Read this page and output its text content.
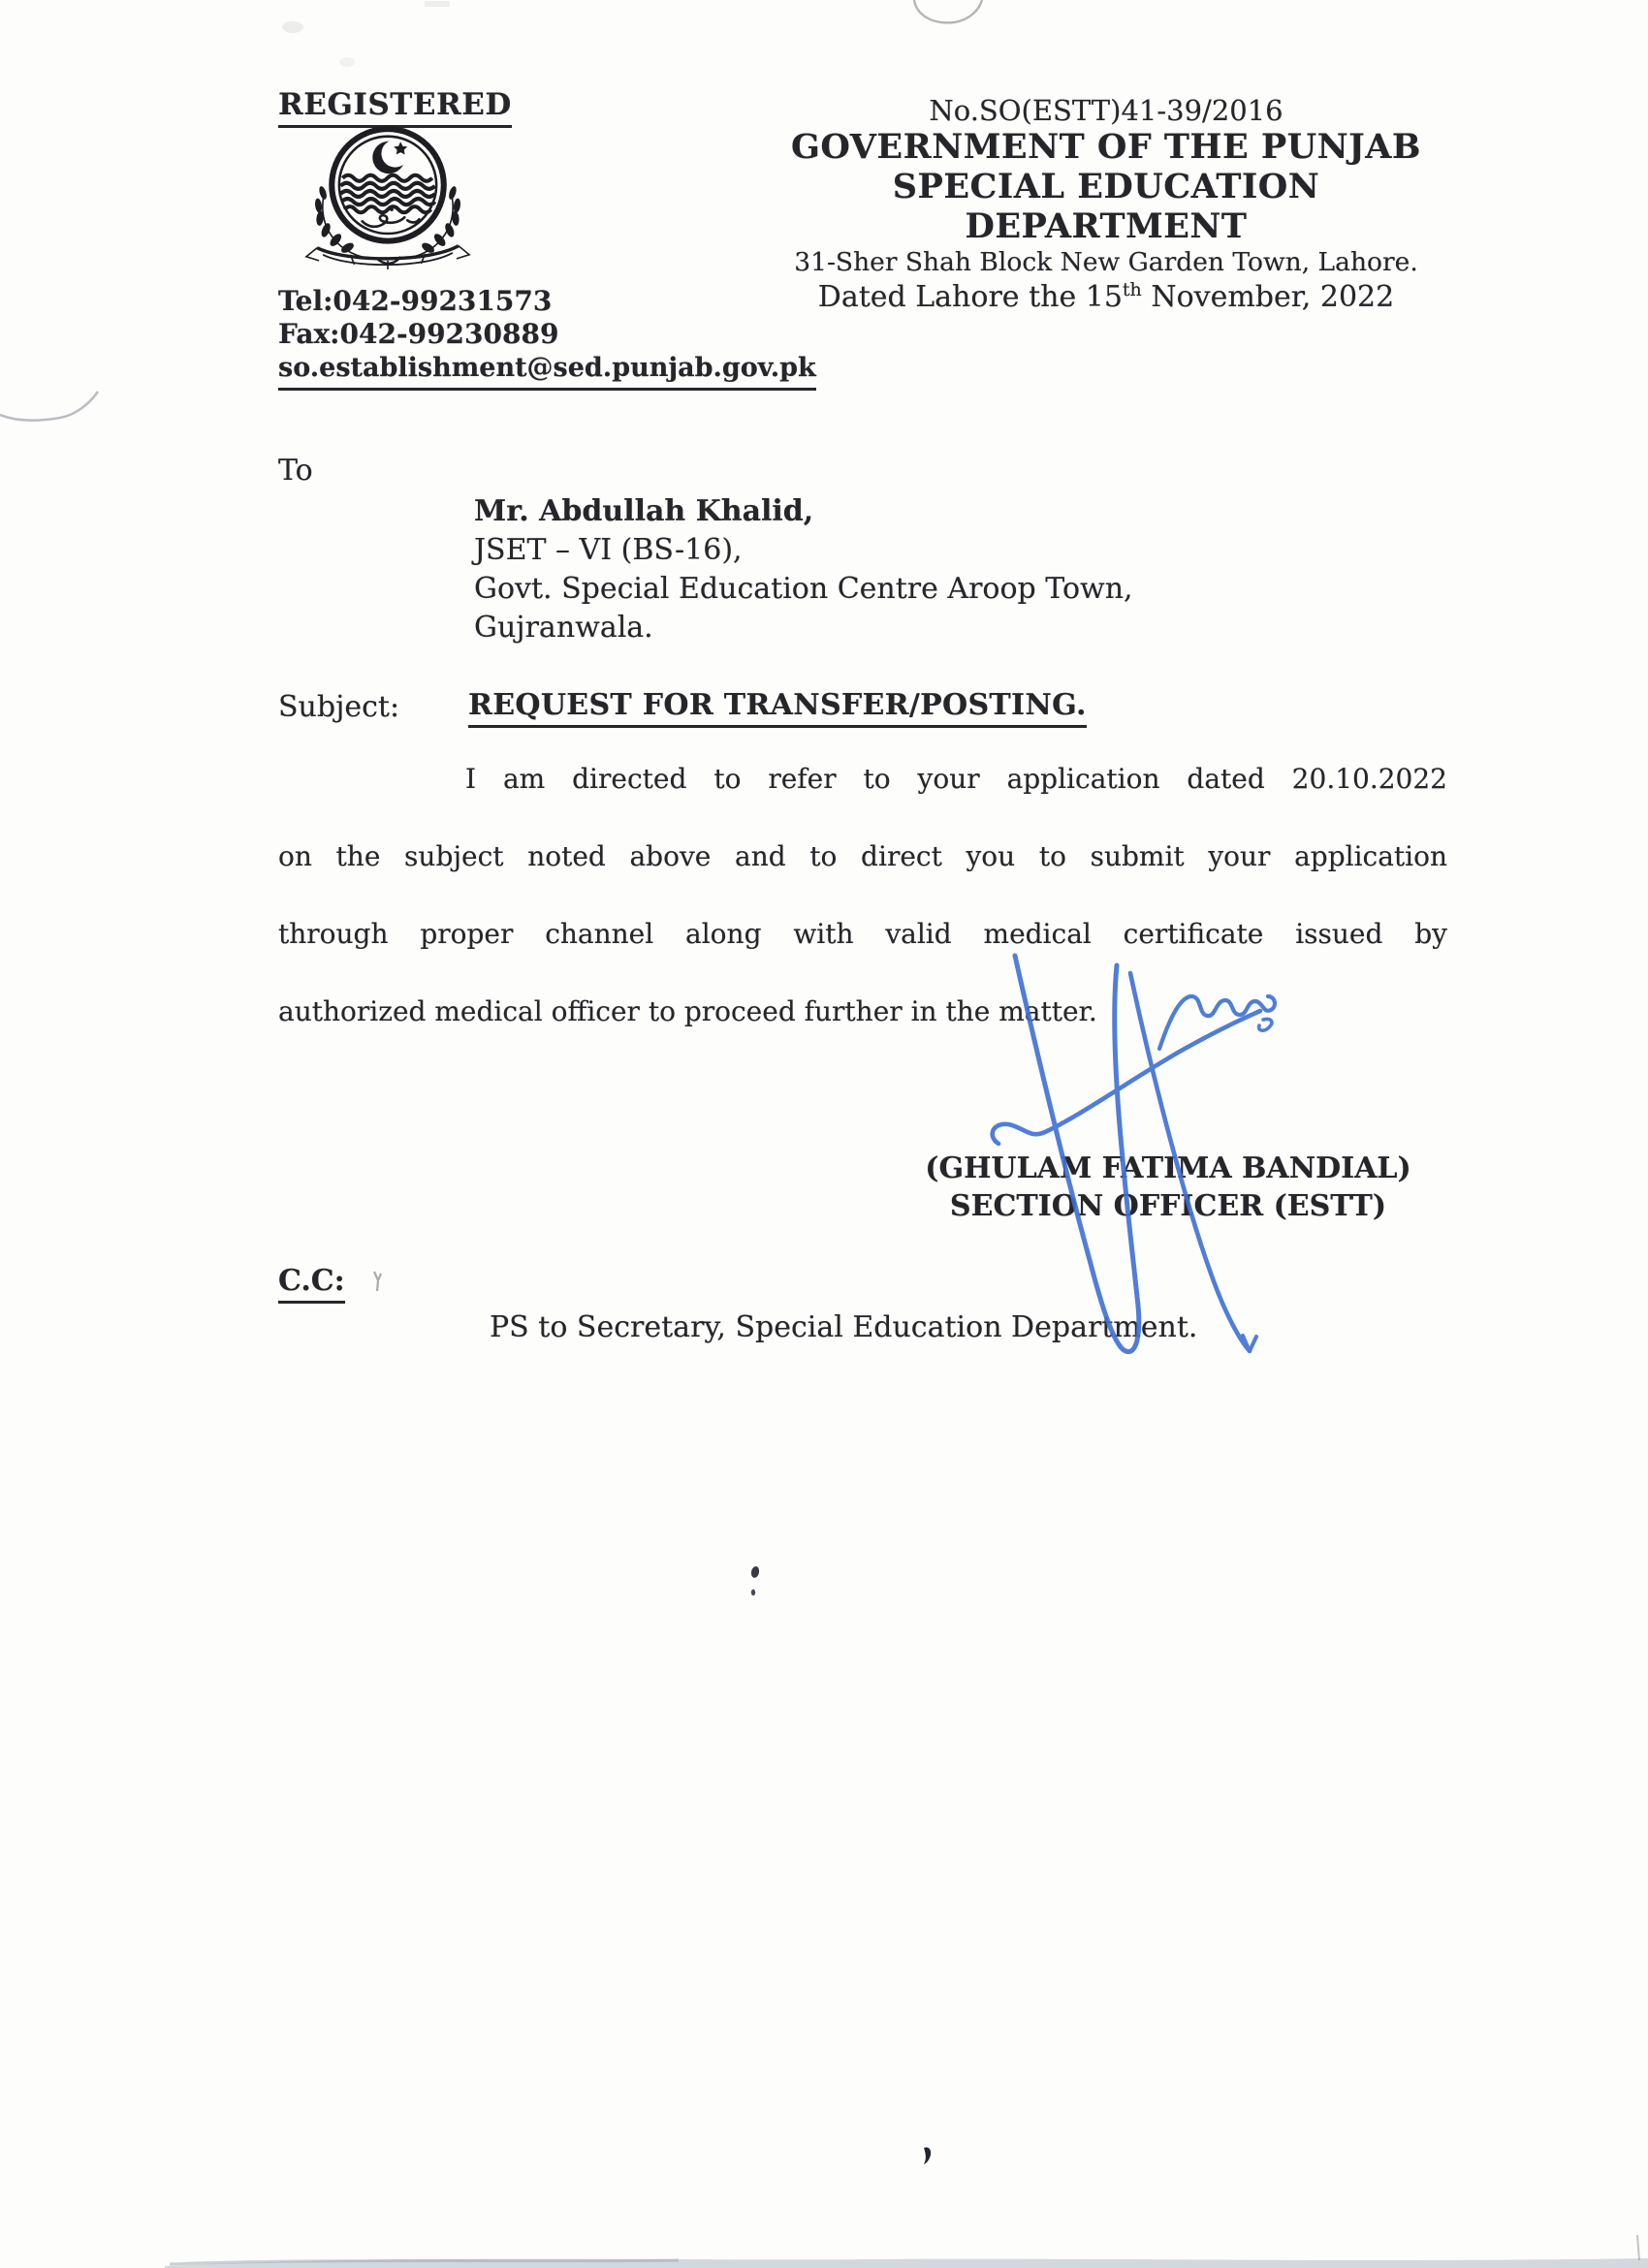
REGISTERED
Tel:042-99231573
Fax:042-99230889
so.establishment@sed.punjab.gov.pk
No.SO(ESTT)41-39/2016
GOVERNMENT OF THE PUNJAB
SPECIAL EDUCATION DEPARTMENT
31-Sher Shah Block New Garden Town, Lahore.
Dated Lahore the 15th November, 2022
To
Mr. Abdullah Khalid,
JSET – VI (BS-16),
Govt. Special Education Centre Aroop Town,
Gujranwala.
Subject: REQUEST FOR TRANSFER/POSTING.
I am directed to refer to your application dated 20.10.2022
on the subject noted above and to direct you to submit your application
through proper channel along with valid medical certificate issued by
authorized medical officer to proceed further in the matter.
(GHULAM FATIMA BANDIAL)
SECTION OFFICER (ESTT)
C.C:
PS to Secretary, Special Education Department.
